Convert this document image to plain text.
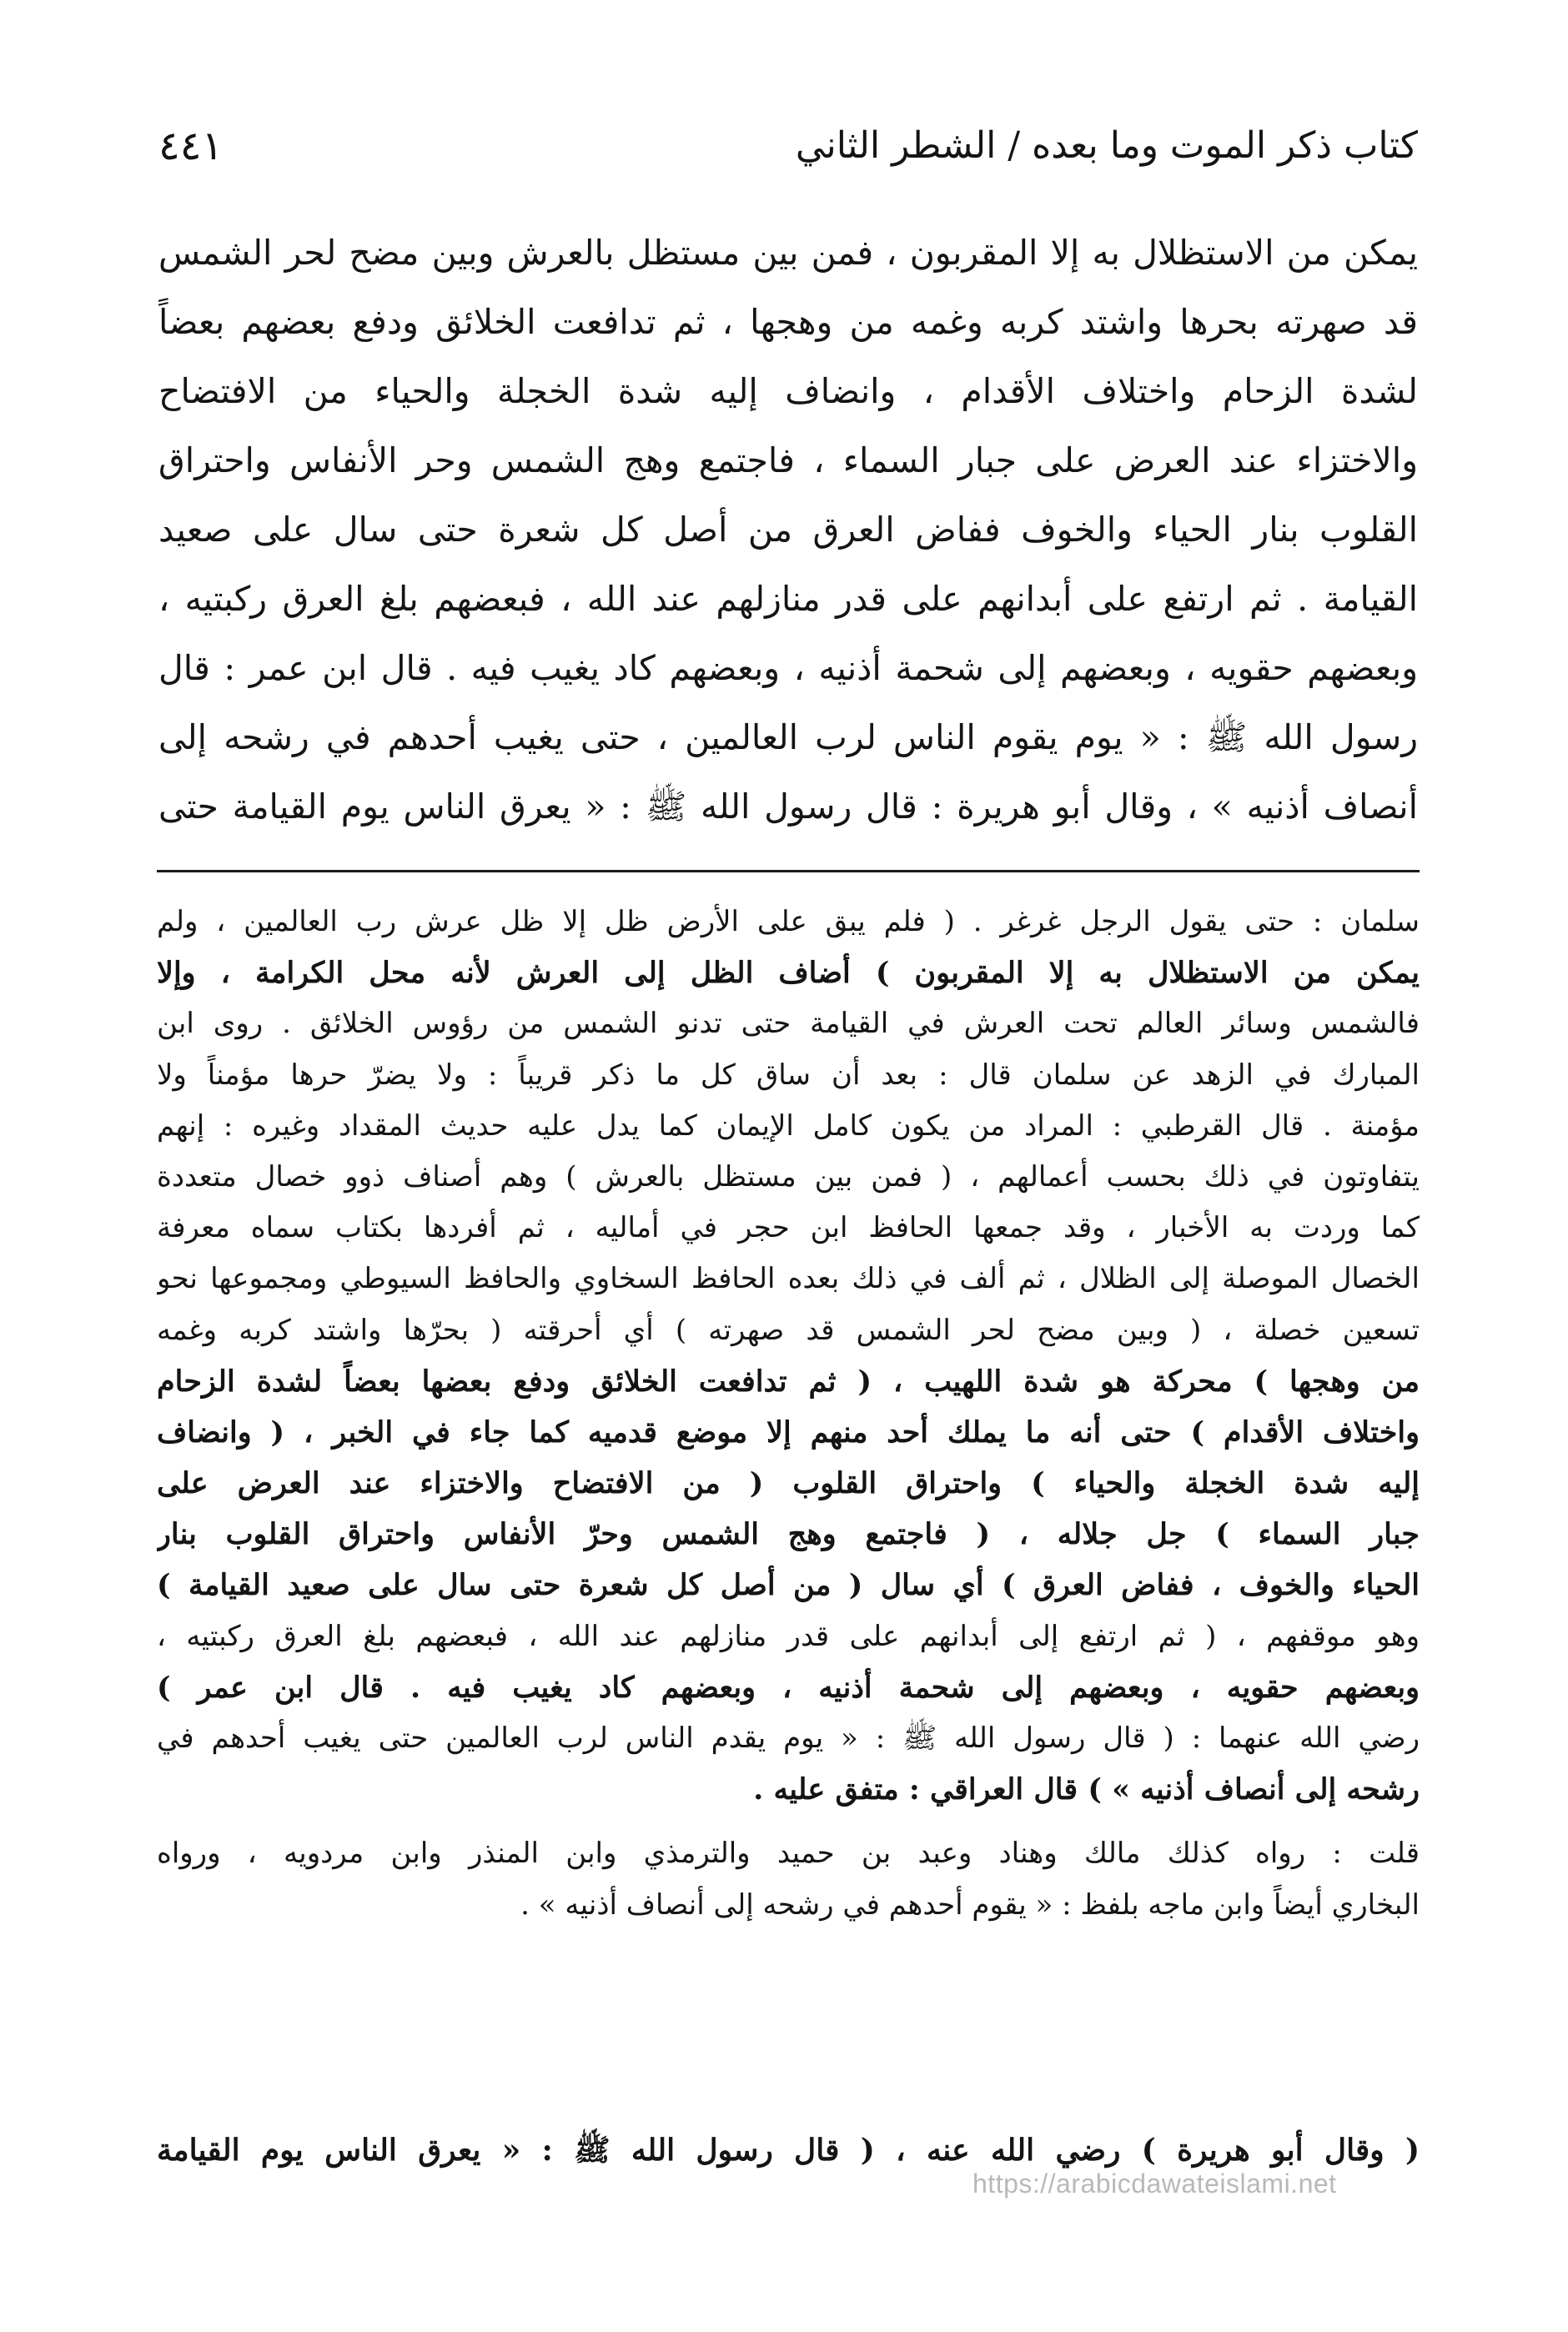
كتاب ذكر الموت وما بعده / الشطر الثاني
٤٤١
يمكن من الاستظلال به إلا المقربون ، فمن بين مستظل بالعرش وبين مضح لحر الشمس
قد صهرته بحرها واشتد كربه وغمه من وهجها ، ثم تدافعت الخلائق ودفع بعضهم بعضاً
لشدة الزحام واختلاف الأقدام ، وانضاف إليه شدة الخجلة والحياء من الافتضاح
والاختزاء عند العرض على جبار السماء ، فاجتمع وهج الشمس وحر الأنفاس واحتراق
القلوب بنار الحياء والخوف ففاض العرق من أصل كل شعرة حتى سال على صعيد
القيامة . ثم ارتفع على أبدانهم على قدر منازلهم عند الله ، فبعضهم بلغ العرق ركبتيه ،
وبعضهم حقويه ، وبعضهم إلى شحمة أذنيه ، وبعضهم كاد يغيب فيه . قال ابن عمر : قال
رسول الله ﷺ : « يوم يقوم الناس لرب العالمين ، حتى يغيب أحدهم في رشحه إلى
أنصاف أذنيه » ، وقال أبو هريرة : قال رسول الله ﷺ : « يعرق الناس يوم القيامة حتى
سلمان : حتى يقول الرجل غرغر . ( فلم يبق على الأرض ظل إلا ظل عرش رب العالمين ، ولم
يمكن من الاستظلال به إلا المقربون ) أضاف الظل إلى العرش لأنه محل الكرامة ، وإلا
فالشمس وسائر العالم تحت العرش في القيامة حتى تدنو الشمس من رؤوس الخلائق . روى ابن
المبارك في الزهد عن سلمان قال : بعد أن ساق كل ما ذكر قريباً : ولا يضرّ حرها مؤمناً ولا
مؤمنة . قال القرطبي : المراد من يكون كامل الإيمان كما يدل عليه حديث المقداد وغيره : إنهم
يتفاوتون في ذلك بحسب أعمالهم ، ( فمن بين مستظل بالعرش ) وهم أصناف ذوو خصال متعددة
كما وردت به الأخبار ، وقد جمعها الحافظ ابن حجر في أماليه ، ثم أفردها بكتاب سماه معرفة
الخصال الموصلة إلى الظلال ، ثم ألف في ذلك بعده الحافظ السخاوي والحافظ السيوطي ومجموعها نحو
تسعين خصلة ، ( وبين مضح لحر الشمس قد صهرته ) أي أحرقته ( بحرّها واشتد كربه وغمه
من وهجها ) محركة هو شدة اللهيب ، ( ثم تدافعت الخلائق ودفع بعضها بعضاً لشدة الزحام
واختلاف الأقدام ) حتى أنه ما يملك أحد منهم إلا موضع قدميه كما جاء في الخبر ، ( وانضاف
إليه شدة الخجلة والحياء ) واحتراق القلوب ( من الافتضاح والاختزاء عند العرض على
جبار السماء ) جل جلاله ، ( فاجتمع وهج الشمس وحرّ الأنفاس واحتراق القلوب بنار
الحياء والخوف ، ففاض العرق ) أي سال ( من أصل كل شعرة حتى سال على صعيد القيامة )
وهو موقفهم ، ( ثم ارتفع إلى أبدانهم على قدر منازلهم عند الله ، فبعضهم بلغ العرق ركبتيه ،
وبعضهم حقويه ، وبعضهم إلى شحمة أذنيه ، وبعضهم كاد يغيب فيه . قال ابن عمر )
رضي الله عنهما : ( قال رسول الله ﷺ : « يوم يقدم الناس لرب العالمين حتى يغيب أحدهم في
رشحه إلى أنصاف أذنيه » ) قال العراقي : متفق عليه .
قلت : رواه كذلك مالك وهناد وعبد بن حميد والترمذي وابن المنذر وابن مردويه ، ورواه
البخاري أيضاً وابن ماجه بلفظ : « يقوم أحدهم في رشحه إلى أنصاف أذنيه » .
( وقال أبو هريرة ) رضي الله عنه ، ( قال رسول الله ﷺ : « يعرق الناس يوم القيامة
https://arabicdawateislami.net
